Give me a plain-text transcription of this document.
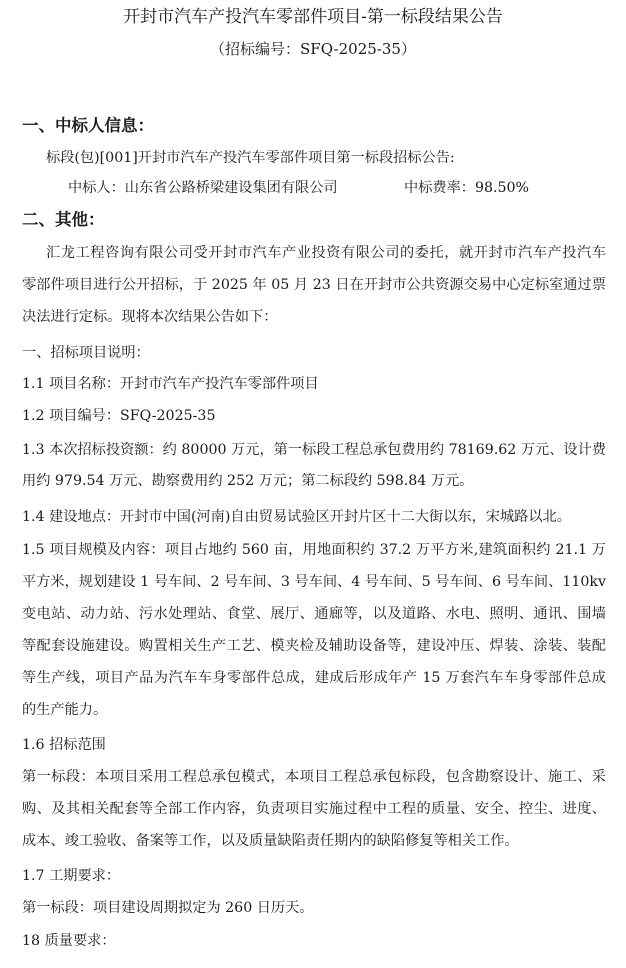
开封市汽车产投汽车零部件项目-第一标段结果公告
（招标编号：SFQ-2025-35）
一、中标人信息：
标段(包)[001]开封市汽车产投汽车零部件项目第一标段招标公告:
中标人：山东省公路桥梁建设集团有限公司	中标费率：98.50%
二、其他：
汇龙工程咨询有限公司受开封市汽车产业投资有限公司的委托，就开封市汽车产投汽车
零部件项目进行公开招标，于 2025 年 05 月 23 日在开封市公共资源交易中心定标室通过票
决法进行定标。现将本次结果公告如下：
一、招标项目说明：
1.1 项目名称：开封市汽车产投汽车零部件项目
1.2 项目编号：SFQ-2025-35
1.3 本次招标投资额：约 80000 万元，第一标段工程总承包费用约 78169.62 万元、设计费
用约 979.54 万元、勘察费用约 252 万元；第二标段约 598.84 万元。
1.4 建设地点：开封市中国(河南)自由贸易试验区开封片区十二大街以东，宋城路以北。
1.5 项目规模及内容：项目占地约 560 亩，用地面积约 37.2 万平方米,建筑面积约 21.1 万
平方米，规划建设 1 号车间、2 号车间、3 号车间、4 号车间、5 号车间、6 号车间、110kv
变电站、动力站、污水处理站、食堂、展厅、通廊等，以及道路、水电、照明、通讯、围墙
等配套设施建设。购置相关生产工艺、模夹检及辅助设备等，建设冲压、焊装、涂装、装配
等生产线，项目产品为汽车车身零部件总成，建成后形成年产 15 万套汽车车身零部件总成
的生产能力。
1.6 招标范围
第一标段：本项目采用工程总承包模式，本项目工程总承包标段，包含勘察设计、施工、采
购、及其相关配套等全部工作内容，负责项目实施过程中工程的质量、安全、控尘、进度、
成本、竣工验收、备案等工作，以及质量缺陷责任期内的缺陷修复等相关工作。
1.7 工期要求：
第一标段：项目建设周期拟定为 260 日历天。
18 质量要求：
